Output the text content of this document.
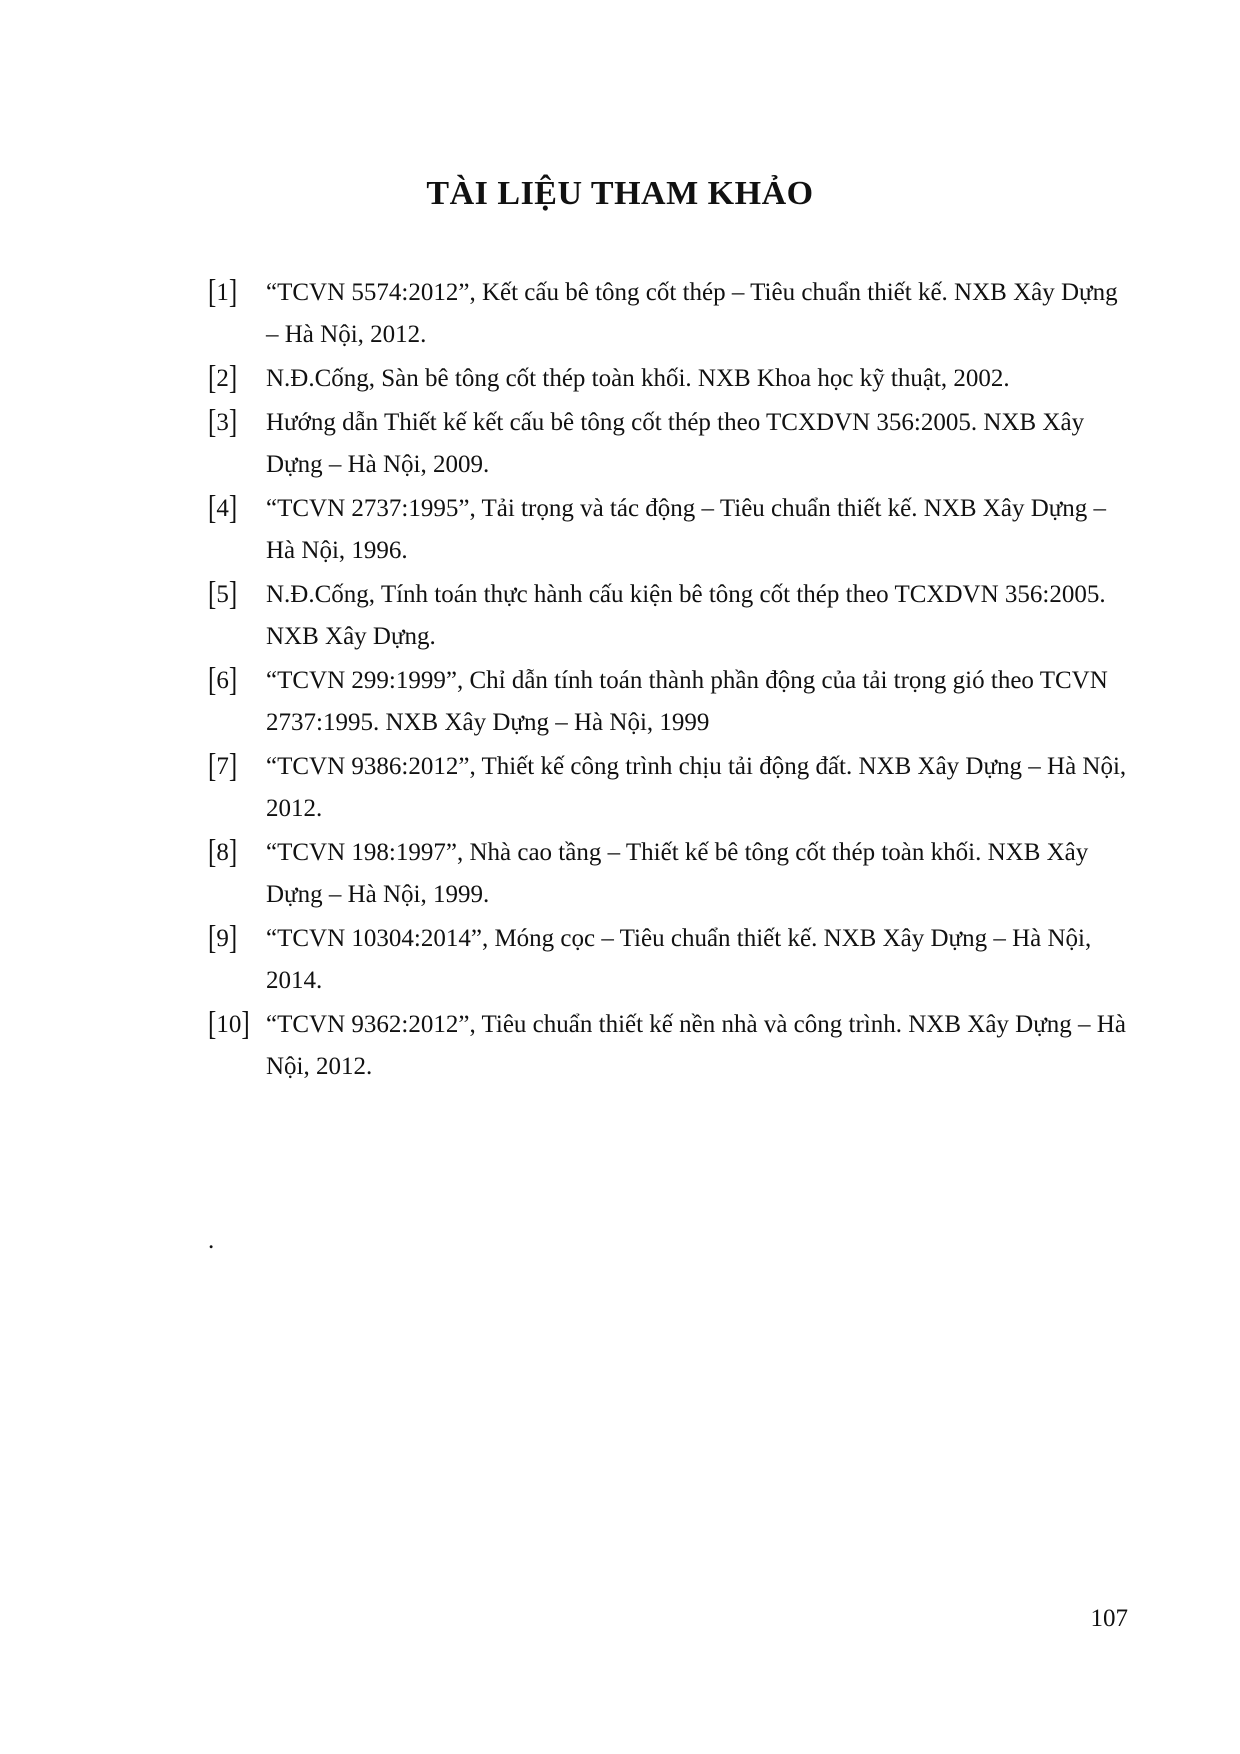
TÀI LIỆU THAM KHẢO
[1] “TCVN 5574:2012”, Kết cấu bê tông cốt thép – Tiêu chuẩn thiết kế. NXB Xây Dựng – Hà Nội, 2012.
[2] N.Đ.Cống, Sàn bê tông cốt thép toàn khối. NXB Khoa học kỹ thuật, 2002.
[3] Hướng dẫn Thiết kế kết cấu bê tông cốt thép theo TCXDVN 356:2005. NXB Xây Dựng – Hà Nội, 2009.
[4] “TCVN 2737:1995”, Tải trọng và tác động – Tiêu chuẩn thiết kế. NXB Xây Dựng – Hà Nội, 1996.
[5] N.Đ.Cống, Tính toán thực hành cấu kiện bê tông cốt thép theo TCXDVN 356:2005. NXB Xây Dựng.
[6] “TCVN 299:1999”, Chỉ dẫn tính toán thành phần động của tải trọng gió theo TCVN 2737:1995. NXB Xây Dựng – Hà Nội, 1999
[7] “TCVN 9386:2012”, Thiết kế công trình chịu tải động đất. NXB Xây Dựng – Hà Nội, 2012.
[8] “TCVN 198:1997”, Nhà cao tầng – Thiết kế bê tông cốt thép toàn khối. NXB Xây Dựng – Hà Nội, 1999.
[9] “TCVN 10304:2014”, Móng cọc – Tiêu chuẩn thiết kế. NXB Xây Dựng – Hà Nội, 2014.
[10] “TCVN 9362:2012”, Tiêu chuẩn thiết kế nền nhà và công trình. NXB Xây Dựng – Hà Nội, 2012.
.
107
